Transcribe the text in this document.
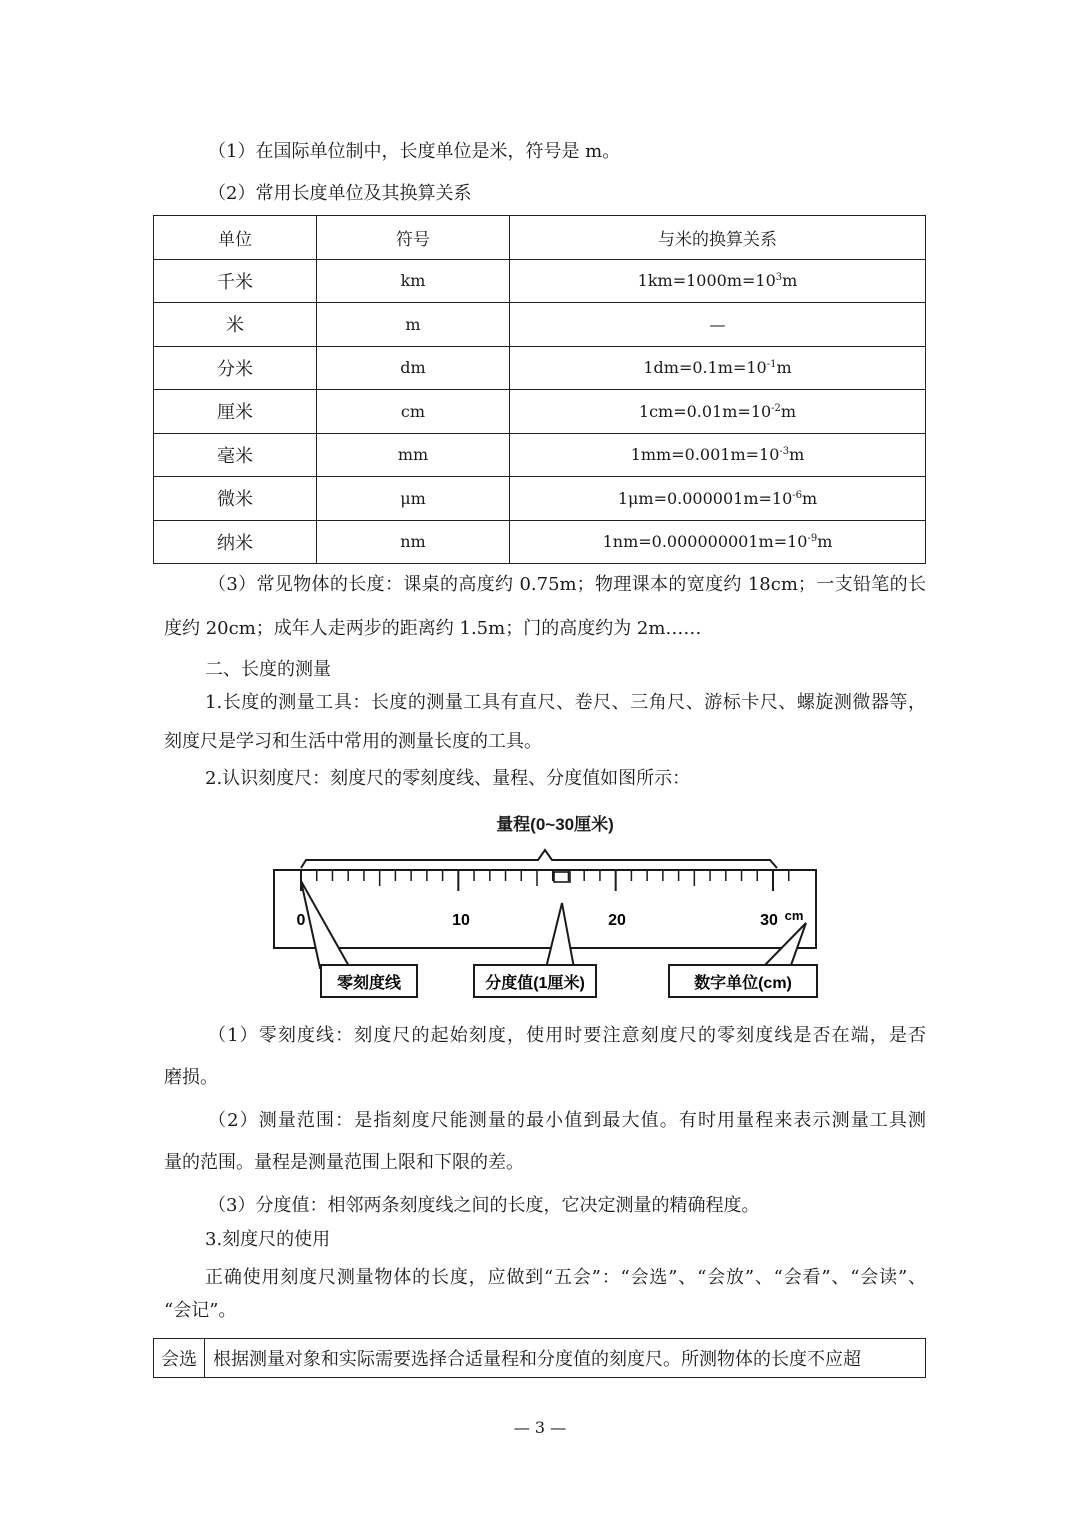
（1）在国际单位制中，长度单位是米，符号是 m。
（2）常用长度单位及其换算关系
单位	符号	与米的换算关系
千米	km	$1km=1000m=10^3m$
米	m	—
分米	dm	$1dm=0.1m=10^{-1}m$
厘米	cm	$1cm=0.01m=10^{-2}m$
毫米	mm	$1mm=0.001m=10^{-3}m$
微米	μm	$1\mu m=0.000001m=10^{-6}m$
纳米	nm	$1nm=0.000000001m=10^{-9}m$
（3）常见物体的长度：课桌的高度约 0.75m；物理课本的宽度约 18cm；一支铅笔的长
度约 20cm；成年人走两步的距离约 1.5m；门的高度约为 2m……
二、长度的测量
1.长度的测量工具：长度的测量工具有直尺、卷尺、三角尺、游标卡尺、螺旋测微器等，
刻度尺是学习和生活中常用的测量长度的工具。
2.认识刻度尺：刻度尺的零刻度线、量程、分度值如图所示：
量程(0~30厘米)
0	10	20	30 cm
零刻度线	分度值(1厘米)	数字单位(cm)
（1）零刻度线：刻度尺的起始刻度，使用时要注意刻度尺的零刻度线是否在端，是否
磨损。
（2）测量范围：是指刻度尺能测量的最小值到最大值。有时用量程来表示测量工具测
量的范围。量程是测量范围上限和下限的差。
（3）分度值：相邻两条刻度线之间的长度，它决定测量的精确程度。
3.刻度尺的使用
正确使用刻度尺测量物体的长度，应做到“五会”：“会选”、“会放”、“会看”、“会读”、
“会记”。
会选	根据测量对象和实际需要选择合适量程和分度值的刻度尺。所测物体的长度不应超
— 3 —
